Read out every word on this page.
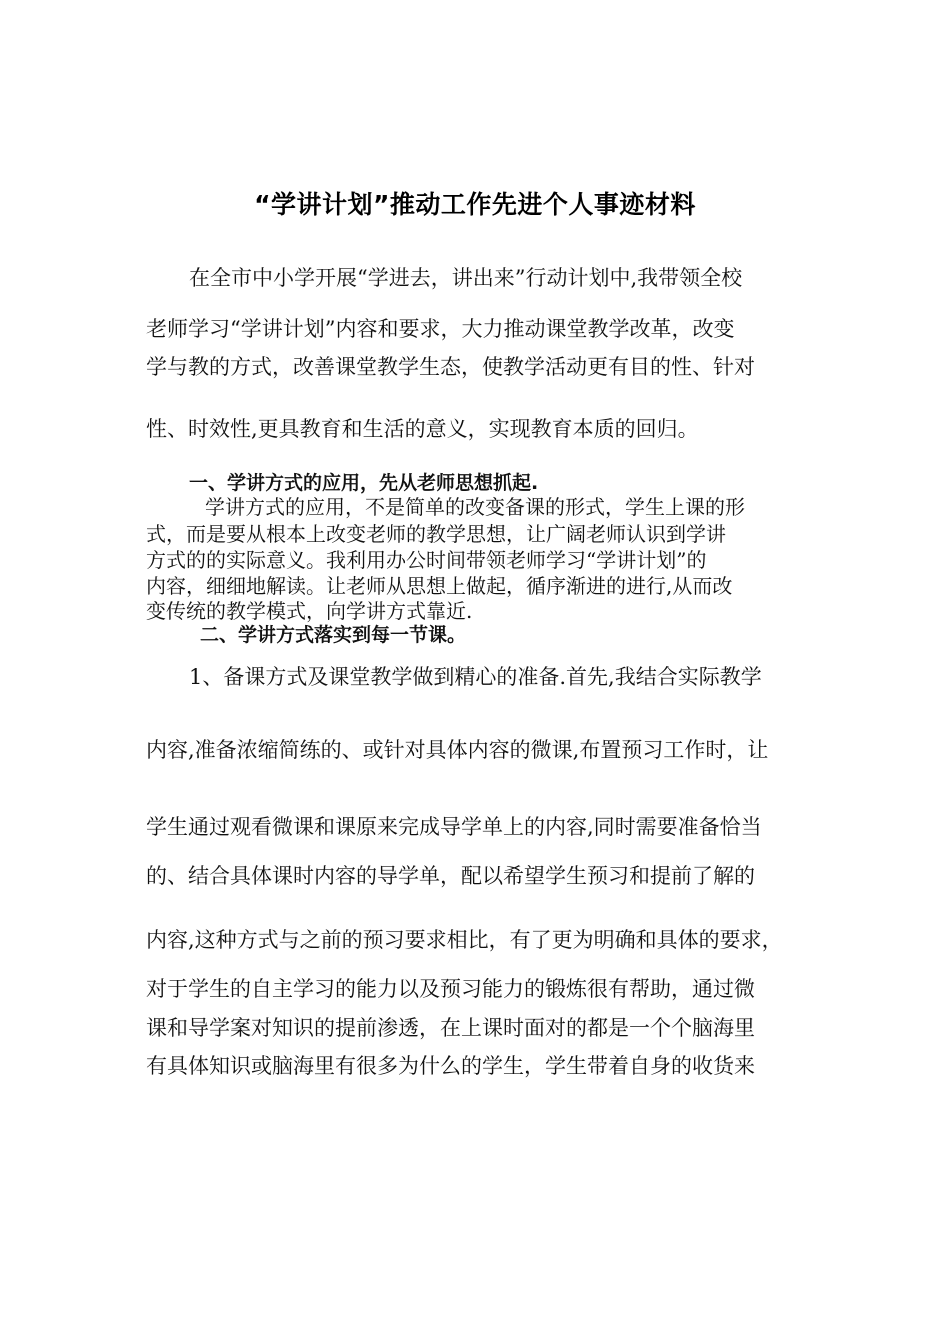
“学讲计划”推动工作先进个人事迹材料
在全市中小学开展“学进去，讲出来”行动计划中,我带领全校
老师学习“学讲计划”内容和要求，大力推动课堂教学改革，改变
学与教的方式，改善课堂教学生态，使教学活动更有目的性、针对
性、时效性,更具教育和生活的意义，实现教育本质的回归。
一、学讲方式的应用，先从老师思想抓起.
学讲方式的应用，不是简单的改变备课的形式，学生上课的形
式，而是要从根本上改变老师的教学思想，让广阔老师认识到学讲
方式的的实际意义。我利用办公时间带领老师学习“学讲计划”的
内容，细细地解读。让老师从思想上做起，循序渐进的进行,从而改
变传统的教学模式，向学讲方式靠近.
二、学讲方式落实到每一节课。
1、备课方式及课堂教学做到精心的准备.首先,我结合实际教学
内容,准备浓缩简练的、或针对具体内容的微课,布置预习工作时，让
学生通过观看微课和课原来完成导学单上的内容,同时需要准备恰当
的、结合具体课时内容的导学单，配以希望学生预习和提前了解的
内容,这种方式与之前的预习要求相比，有了更为明确和具体的要求，
对于学生的自主学习的能力以及预习能力的锻炼很有帮助，通过微
课和导学案对知识的提前渗透，在上课时面对的都是一个个脑海里
有具体知识或脑海里有很多为什么的学生，学生带着自身的收货来
